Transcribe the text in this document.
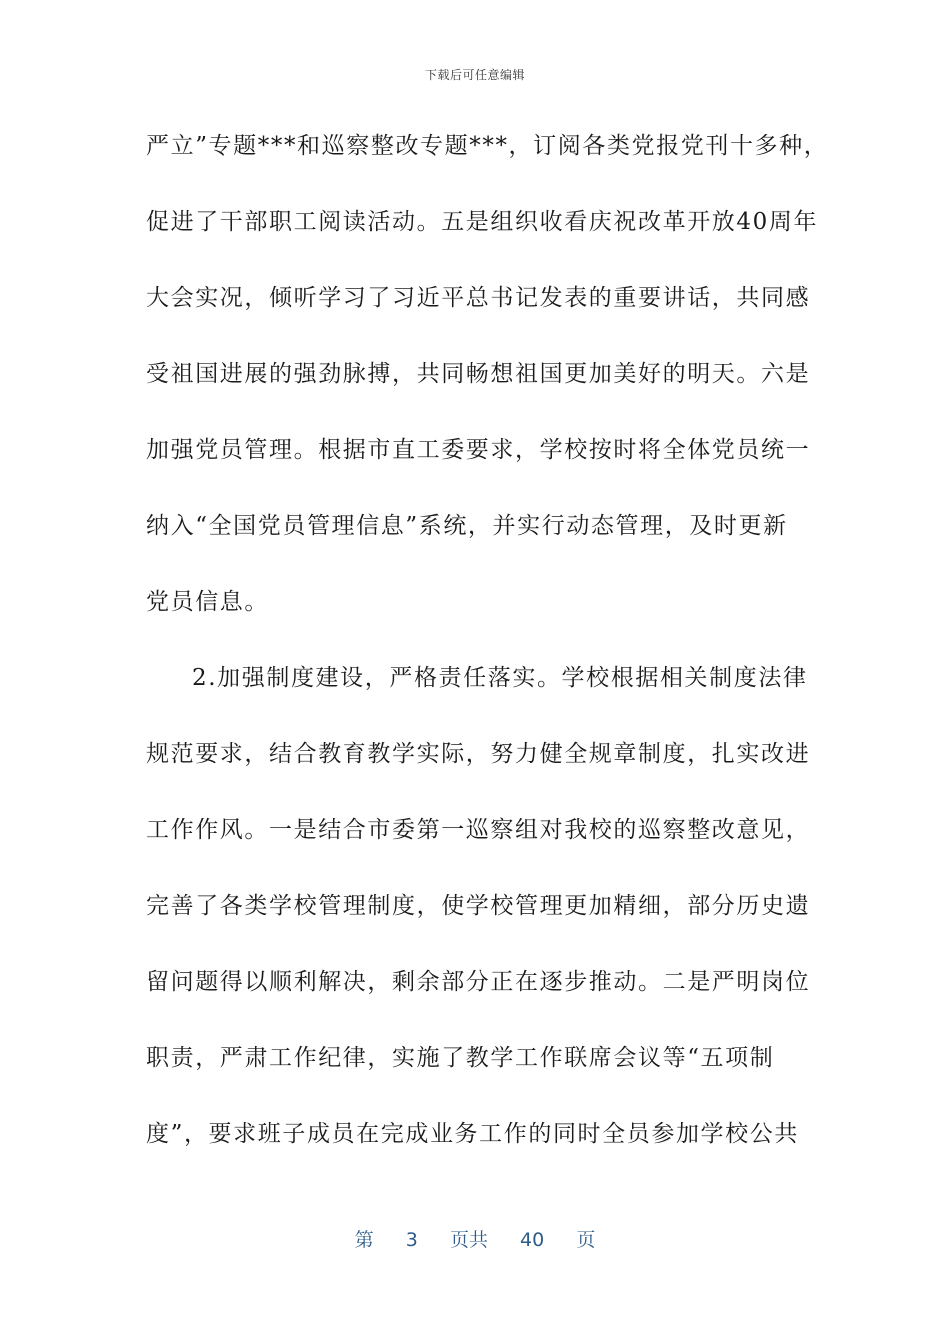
下载后可任意编辑
严立”专题***和巡察整改专题***，订阅各类党报党刊十多种，
促进了干部职工阅读活动。五是组织收看庆祝改革开放40周年
大会实况，倾听学习了习近平总书记发表的重要讲话，共同感
受祖国进展的强劲脉搏，共同畅想祖国更加美好的明天。六是
加强党员管理。根据市直工委要求，学校按时将全体党员统一
纳入“全国党员管理信息”系统，并实行动态管理，及时更新
党员信息。
2.加强制度建设，严格责任落实。学校根据相关制度法律
规范要求，结合教育教学实际，努力健全规章制度，扎实改进
工作作风。一是结合市委第一巡察组对我校的巡察整改意见，
完善了各类学校管理制度，使学校管理更加精细，部分历史遗
留问题得以顺利解决，剩余部分正在逐步推动。二是严明岗位
职责，严肃工作纪律，实施了教学工作联席会议等“五项制
度”，要求班子成员在完成业务工作的同时全员参加学校公共
第 3 页共 40 页
